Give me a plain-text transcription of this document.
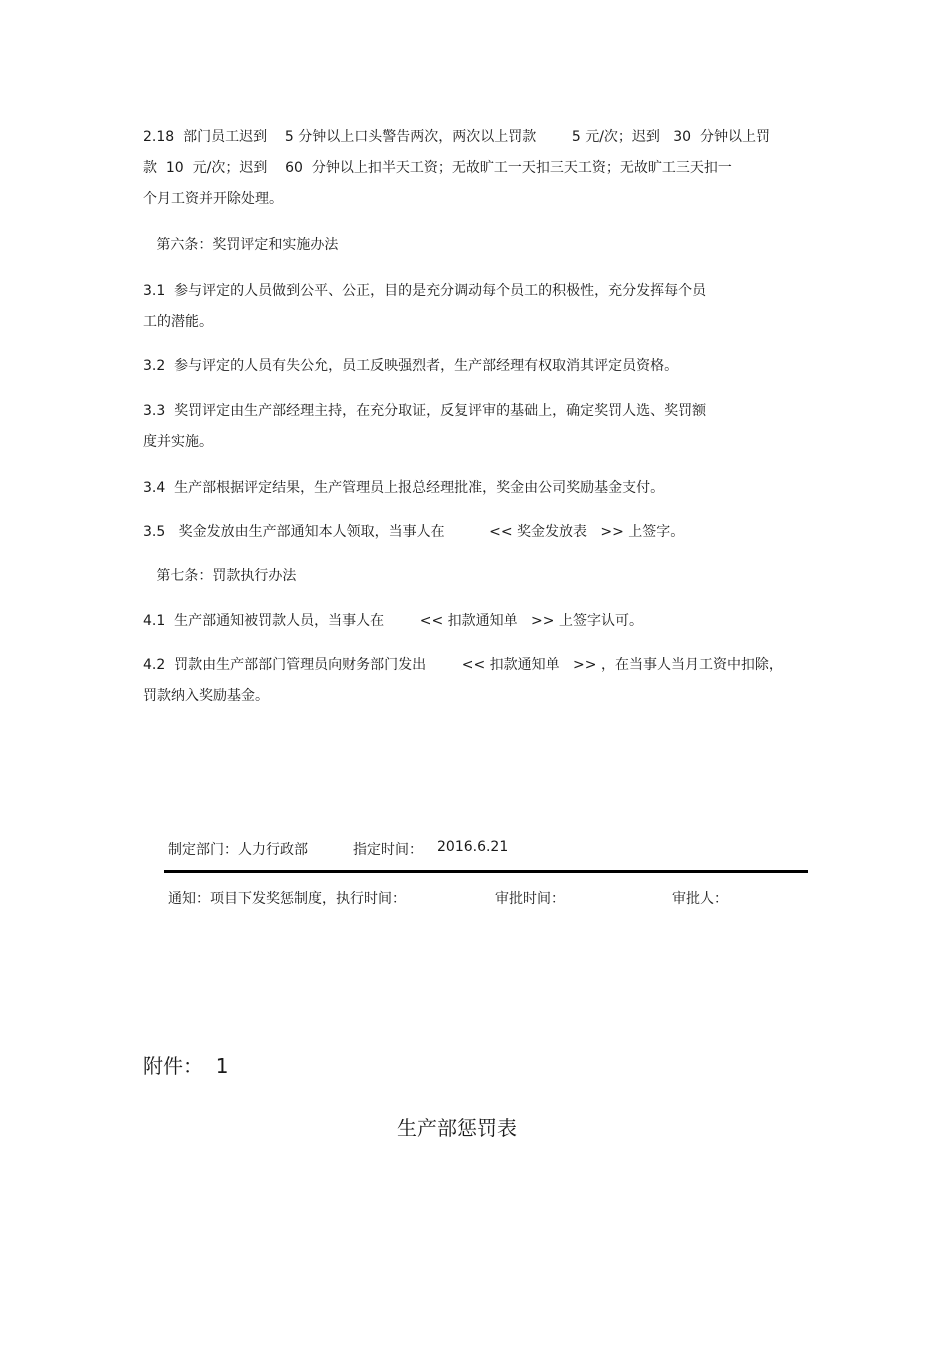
2.18  部门员工迟到    5 分钟以上口头警告两次，两次以上罚款        5 元/次；迟到   30  分钟以上罚
款  10  元/次；迟到    60  分钟以上扣半天工资；无故旷工一天扣三天工资；无故旷工三天扣一
个月工资并开除处理。
第六条：奖罚评定和实施办法
3.1  参与评定的人员做到公平、公正，目的是充分调动每个员工的积极性，充分发挥每个员
工的潜能。
3.2  参与评定的人员有失公允，员工反映强烈者，生产部经理有权取消其评定员资格。
3.3  奖罚评定由生产部经理主持，在充分取证，反复评审的基础上，确定奖罚人选、奖罚额
度并实施。
3.4  生产部根据评定结果，生产管理员上报总经理批准，奖金由公司奖励基金支付。
3.5   奖金发放由生产部通知本人领取，当事人在          << 奖金发放表   >> 上签字。
第七条：罚款执行办法
4.1  生产部通知被罚款人员，当事人在        << 扣款通知单   >> 上签字认可。
4.2  罚款由生产部部门管理员向财务部门发出        << 扣款通知单   >> ，在当事人当月工资中扣除，
罚款纳入奖励基金。
制定部门：人力行政部	指定时间： 2016.6.21
通知：项目下发奖惩制度，执行时间：	审批时间：	审批人：
附件：  1
生产部惩罚表
